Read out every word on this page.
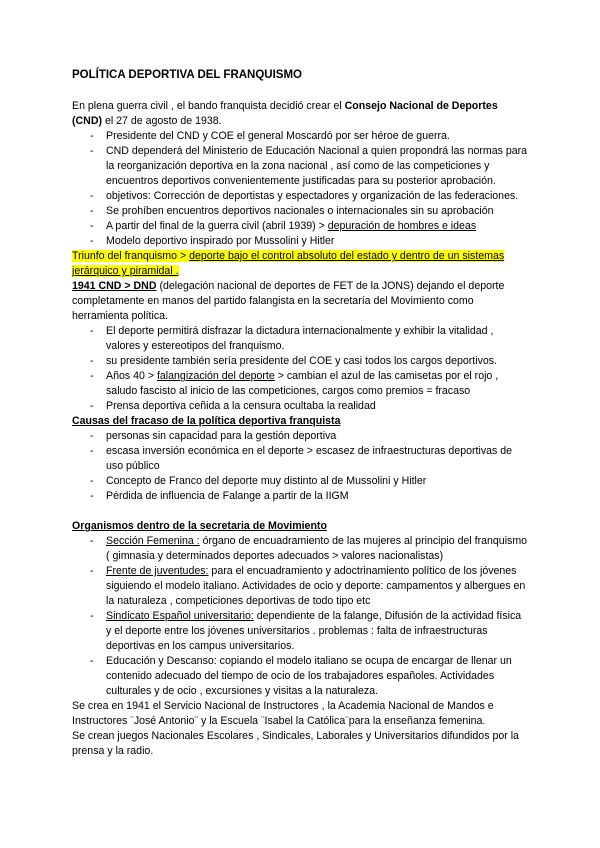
POLÍTICA DEPORTIVA DEL FRANQUISMO

En plena guerra civil , el bando franquista decidió crear el Consejo Nacional de Deportes (CND) el 27 de agosto de 1938.

- Presidente del CND y COE el general Moscardó por ser héroe de guerra.
- CND dependerá del Ministerio de Educación Nacional a quien propondrá las normas para la reorganización deportiva en la zona nacional , así como de las competiciones y encuentros deportivos convenientemente justificadas para su posterior aprobación.
- objetivos: Corrección de deportistas y espectadores y organización de las federaciones.
- Se prohíben encuentros deportivos nacionales o internacionales sin su aprobación
- A partir del final de la guerra civil (abril 1939) > depuración de hombres e ideas
- Modelo deportivo inspirado por Mussolini y Hitler

Triunfo del franquismo > deporte bajo el control absoluto del estado y dentro de un sistemas jerárquico y piramidal .

1941 CND > DND (delegación nacional de deportes de FET de la JONS) dejando el deporte completamente en manos del partido falangista en la secretaría del Movimiento como herramienta política.

- El deporte permitirá disfrazar la dictadura internacionalmente y exhibir la vitalidad , valores y estereotipos del franquismo.
- su presidente también sería presidente del COE y casi todos los cargos deportivos.
- Años 40 > falangización del deporte > cambian el azul de las camisetas por el rojo , saludo fascisto al inicio de las competiciones, cargos como premios = fracaso
- Prensa deportiva ceñida a la censura ocultaba la realidad

Causas del fracaso de la política deportiva franquista

- personas sin capacidad para la gestión deportiva
- escasa inversión económica en el deporte > escasez de infraestructuras deportivas de uso público
- Concepto de Franco del deporte muy distinto al de Mussolini y Hitler
- Pérdida de influencia de Falange a partir de la IIGM

Organismos dentro de la secretaria de Movimiento

- Sección Femenina : órgano de encuadramiento de las mujeres al principio del franquismo ( gimnasia y determinados deportes adecuados > valores nacionalistas)
- Frente de juventudes: para el encuadramiento y adoctrinamiento político de los jóvenes siguiendo el modelo italiano. Actividades de ocio y deporte: campamentos y albergues en la naturaleza , competiciones deportivas de todo tipo etc
- Sindicato Español universitario: dependiente de la falange, Difusión de la actividad física y el deporte entre los jóvenes universitarios . problemas : falta de infraestructuras deportivas en los campus universitarios.
- Educación y Descanso: copiando el modelo italiano se ocupa de encargar de llenar un contenido adecuado del tiempo de ocio de los trabajadores españoles. Actividades culturales y de ocio , excursiones y visitas a la naturaleza.

Se crea en 1941 el Servicio Nacional de Instructores , la Academia Nacional de Mandos e Instructores ¨José Antonio¨ y la Escuela ¨Isabel la Católica¨para la enseñanza femenina.

Se crean juegos Nacionales Escolares , Sindicales, Laborales y Universitarios difundidos por la prensa y la radio.
